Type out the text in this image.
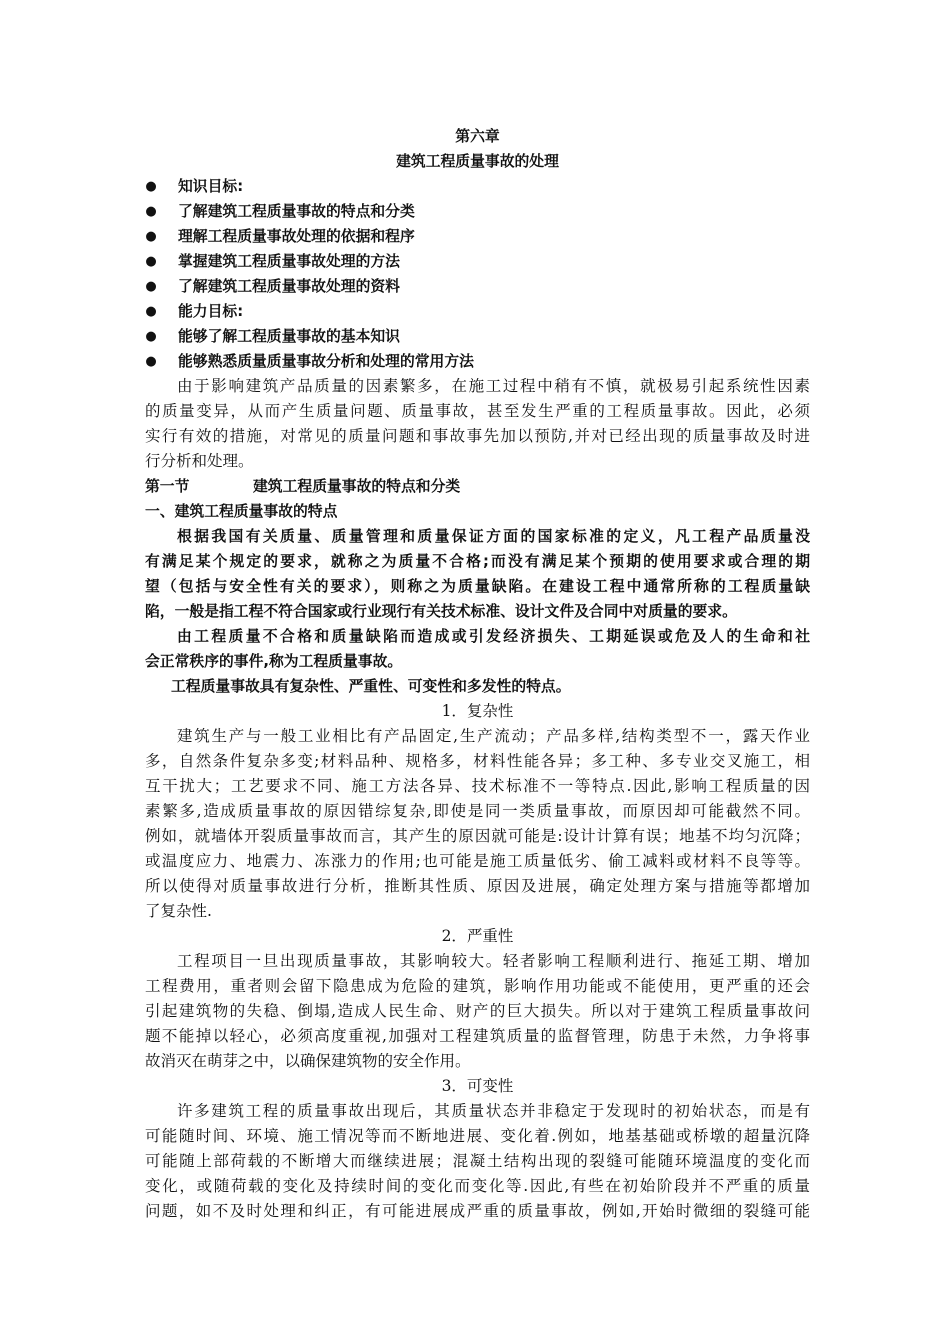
第六章
建筑工程质量事故的处理
● 知识目标:
● 了解建筑工程质量事故的特点和分类
● 理解工程质量事故处理的依据和程序
● 掌握建筑工程质量事故处理的方法
● 了解建筑工程质量事故处理的资料
● 能力目标:
● 能够了解工程质量事故的基本知识
● 能够熟悉质量质量事故分析和处理的常用方法
由于影响建筑产品质量的因素繁多，在施工过程中稍有不慎，就极易引起系统性因素
的质量变异，从而产生质量问题、质量事故，甚至发生严重的工程质量事故。因此，必须
实行有效的措施，对常见的质量问题和事故事先加以预防,并对已经出现的质量事故及时进
行分析和处理。
第一节	建筑工程质量事故的特点和分类
一、建筑工程质量事故的特点
根据我国有关质量、质量管理和质量保证方面的国家标准的定义，凡工程产品质量没
有满足某个规定的要求，就称之为质量不合格;而没有满足某个预期的使用要求或合理的期
望（包括与安全性有关的要求），则称之为质量缺陷。在建设工程中通常所称的工程质量缺
陷，一般是指工程不符合国家或行业现行有关技术标准、设计文件及合同中对质量的要求。
由工程质量不合格和质量缺陷而造成或引发经济损失、工期延误或危及人的生命和社
会正常秩序的事件,称为工程质量事故。
工程质量事故具有复杂性、严重性、可变性和多发性的特点。
1．复杂性
建筑生产与一般工业相比有产品固定,生产流动；产品多样,结构类型不一，露天作业
多，自然条件复杂多变;材料品种、规格多，材料性能各异；多工种、多专业交叉施工，相
互干扰大；工艺要求不同、施工方法各异、技术标准不一等特点.因此,影响工程质量的因
素繁多,造成质量事故的原因错综复杂,即使是同一类质量事故，而原因却可能截然不同。
例如，就墙体开裂质量事故而言，其产生的原因就可能是:设计计算有误；地基不均匀沉降；
或温度应力、地震力、冻涨力的作用;也可能是施工质量低劣、偷工减料或材料不良等等。
所以使得对质量事故进行分析，推断其性质、原因及进展，确定处理方案与措施等都增加
了复杂性.
2．严重性
工程项目一旦出现质量事故，其影响较大。轻者影响工程顺利进行、拖延工期、增加
工程费用，重者则会留下隐患成为危险的建筑，影响作用功能或不能使用，更严重的还会
引起建筑物的失稳、倒塌,造成人民生命、财产的巨大损失。所以对于建筑工程质量事故问
题不能掉以轻心，必须高度重视,加强对工程建筑质量的监督管理，防患于未然，力争将事
故消灭在萌芽之中，以确保建筑物的安全作用。
3．可变性
许多建筑工程的质量事故出现后，其质量状态并非稳定于发现时的初始状态，而是有
可能随时间、环境、施工情况等而不断地进展、变化着.例如，地基基础或桥墩的超量沉降
可能随上部荷载的不断增大而继续进展；混凝土结构出现的裂缝可能随环境温度的变化而
变化，或随荷载的变化及持续时间的变化而变化等.因此,有些在初始阶段并不严重的质量
问题，如不及时处理和纠正，有可能进展成严重的质量事故，例如,开始时微细的裂缝可能
